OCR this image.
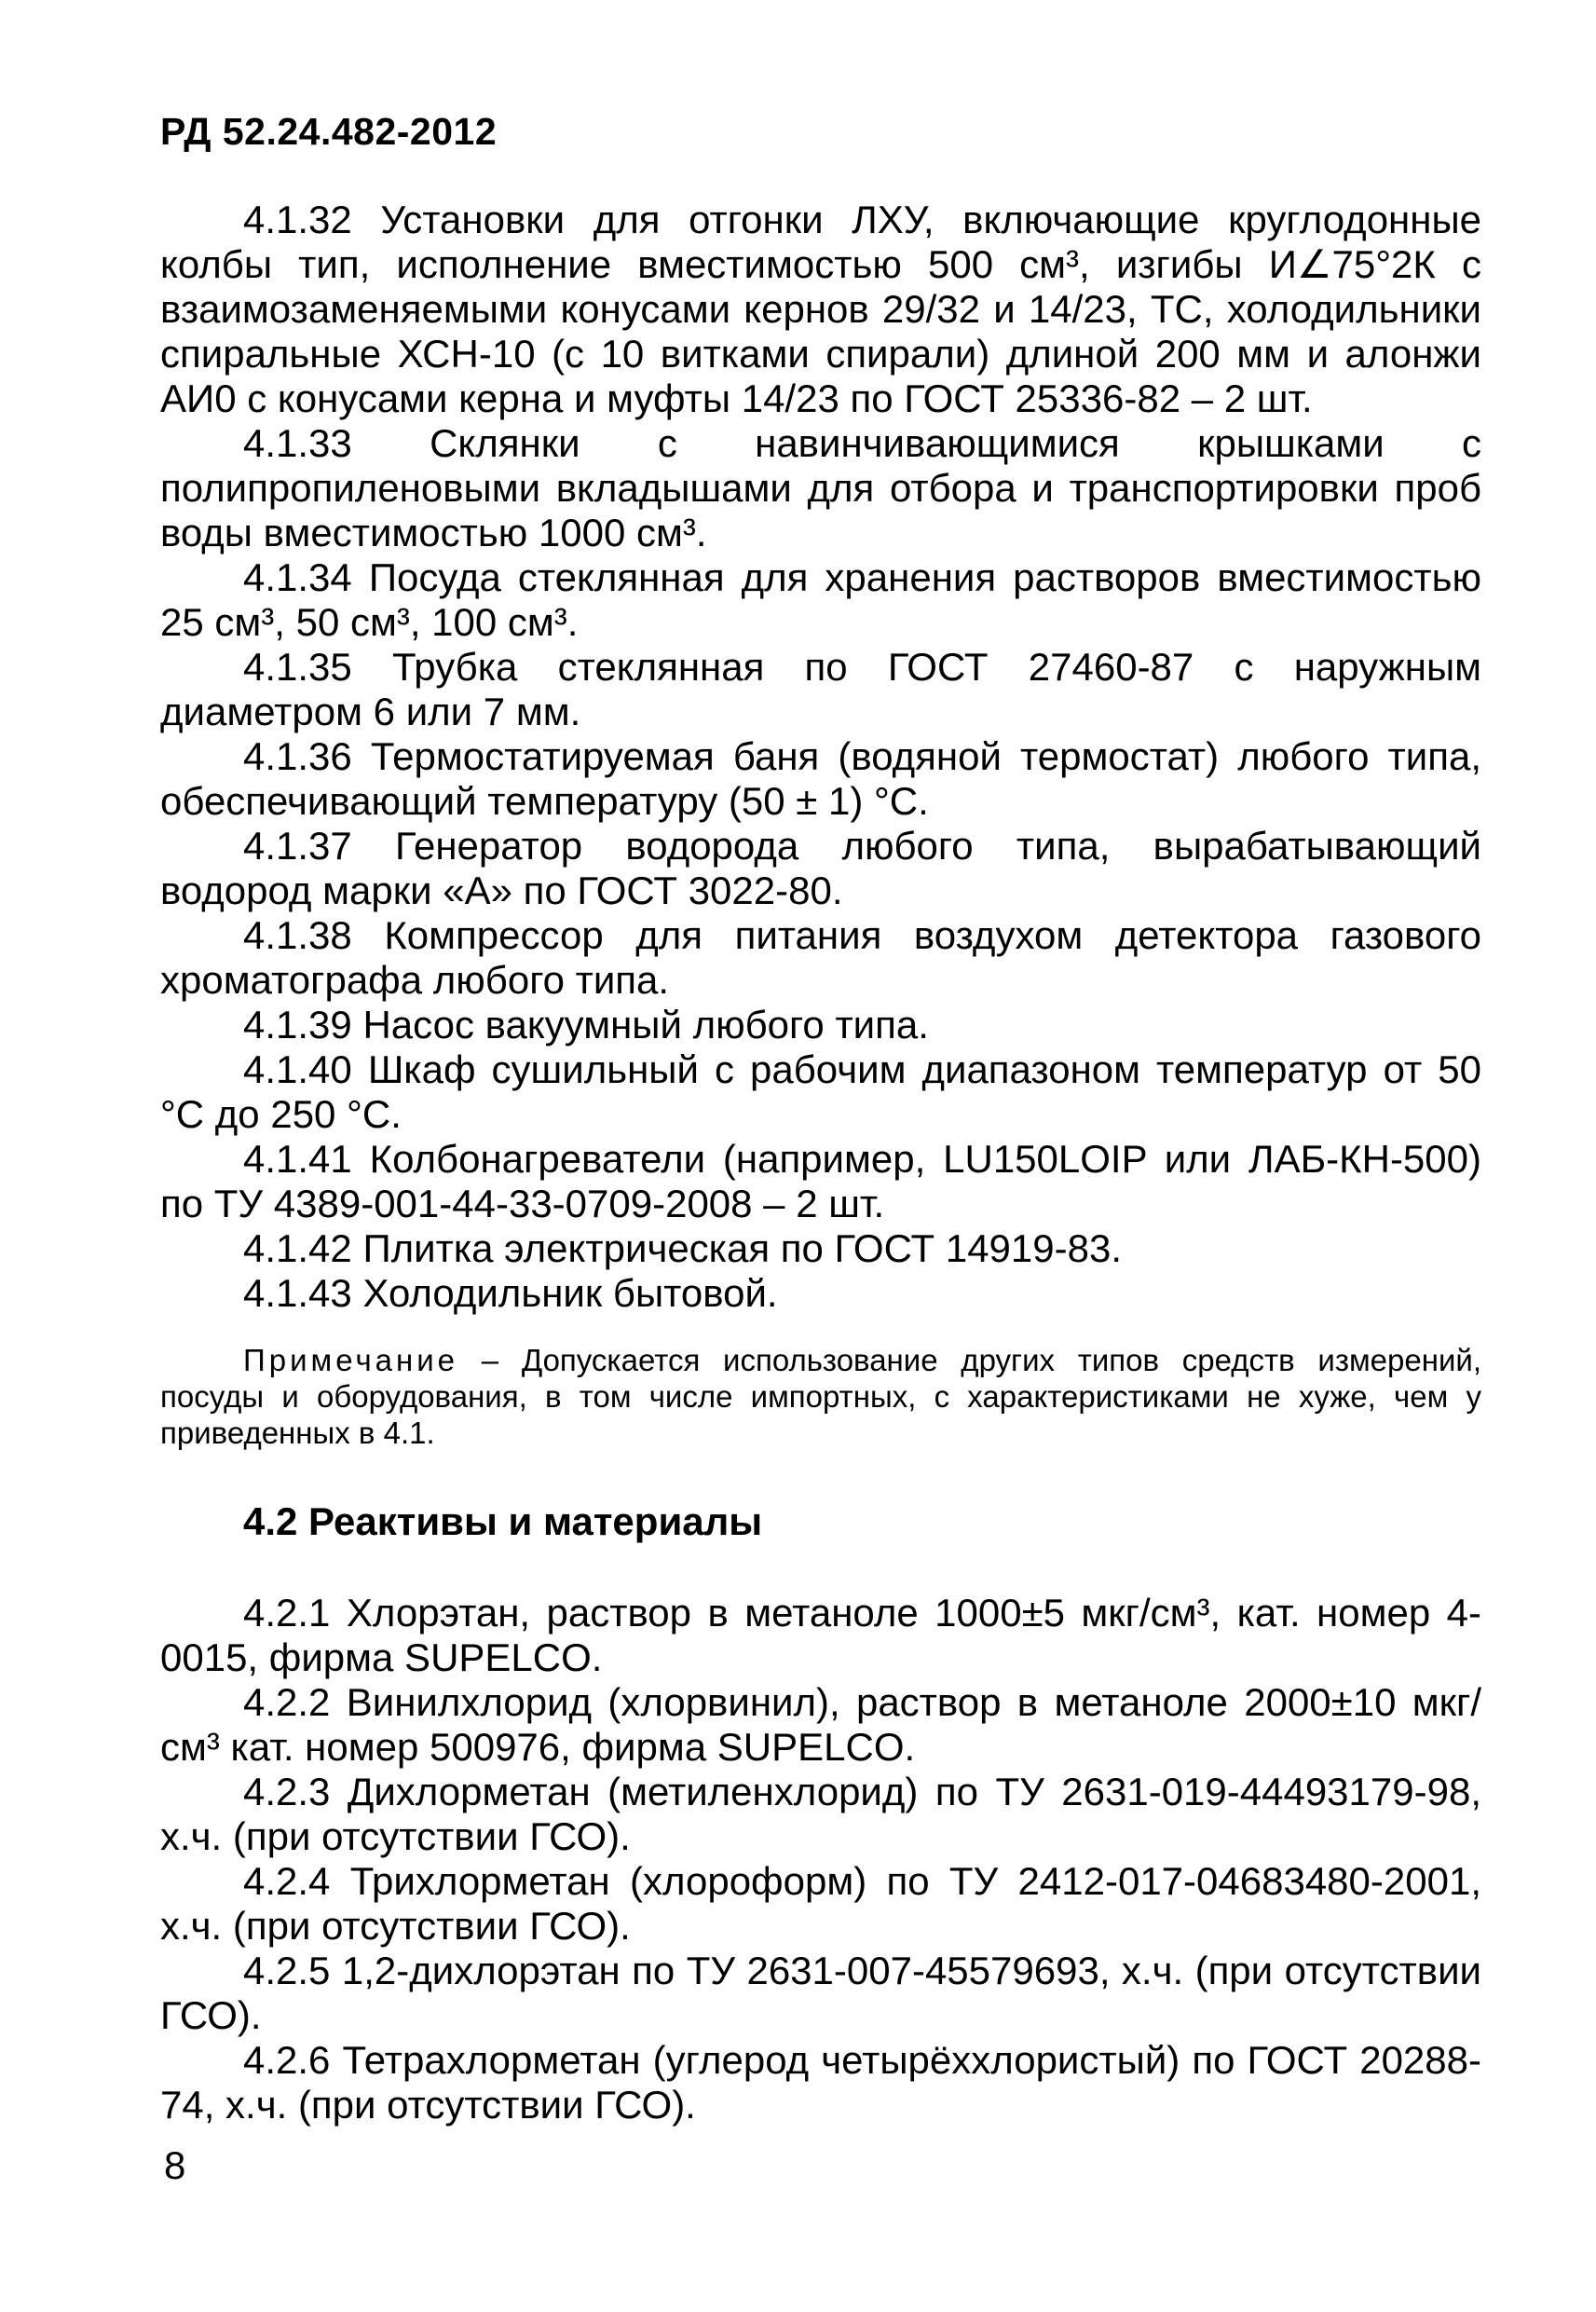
РД 52.24.482-2012

4.1.32 Установки для отгонки ЛХУ, включающие круглодонные колбы тип, исполнение вместимостью 500 см³, изгибы И∠75°2К с взаимозаменяемыми конусами кернов 29/32 и 14/23, ТС, холодильники спиральные ХСН-10 (с 10 витками спирали) длиной 200 мм и алонжи АИ0 с конусами керна и муфты 14/23 по ГОСТ 25336-82 – 2 шт.

4.1.33 Склянки с навинчивающимися крышками с полипропиленовыми вкладышами для отбора и транспортировки проб воды вместимостью 1000 см³.

4.1.34 Посуда стеклянная для хранения растворов вместимостью 25 см³, 50 см³, 100 см³.

4.1.35 Трубка стеклянная по ГОСТ 27460-87 с наружным диаметром 6 или 7 мм.

4.1.36 Термостатируемая баня (водяной термостат) любого типа, обеспечивающий температуру (50 ± 1) °С.

4.1.37 Генератор водорода любого типа, вырабатывающий водород марки «А» по ГОСТ 3022-80.

4.1.38 Компрессор для питания воздухом детектора газового хроматографа любого типа.

4.1.39 Насос вакуумный любого типа.

4.1.40 Шкаф сушильный с рабочим диапазоном температур от 50 °С до 250 °С.

4.1.41 Колбонагреватели (например, LU150LOIP или ЛАБ-КН-500) по ТУ 4389-001-44-33-0709-2008 – 2 шт.

4.1.42 Плитка электрическая по ГОСТ 14919-83.

4.1.43 Холодильник бытовой.

Примечание – Допускается использование других типов средств измерений, посуды и оборудования, в том числе импортных, с характеристиками не хуже, чем у приведенных в 4.1.
4.2 Реактивы и материалы

4.2.1 Хлорэтан, раствор в метаноле 1000±5 мкг/см³, кат. номер 4-0015, фирма SUPELCO.

4.2.2 Винилхлорид (хлорвинил), раствор в метаноле 2000±10 мкг/см³ кат. номер 500976, фирма SUPELCO.

4.2.3 Дихлорметан (метиленхлорид) по ТУ 2631-019-44493179-98, х.ч. (при отсутствии ГСО).

4.2.4 Трихлорметан (хлороформ) по ТУ 2412-017-04683480-2001, х.ч. (при отсутствии ГСО).

4.2.5 1,2-дихлорэтан по ТУ 2631-007-45579693, х.ч. (при отсутствии ГСО).

4.2.6 Тетрахлорметан (углерод четырёххлористый) по ГОСТ 20288-74, х.ч. (при отсутствии ГСО).

8
